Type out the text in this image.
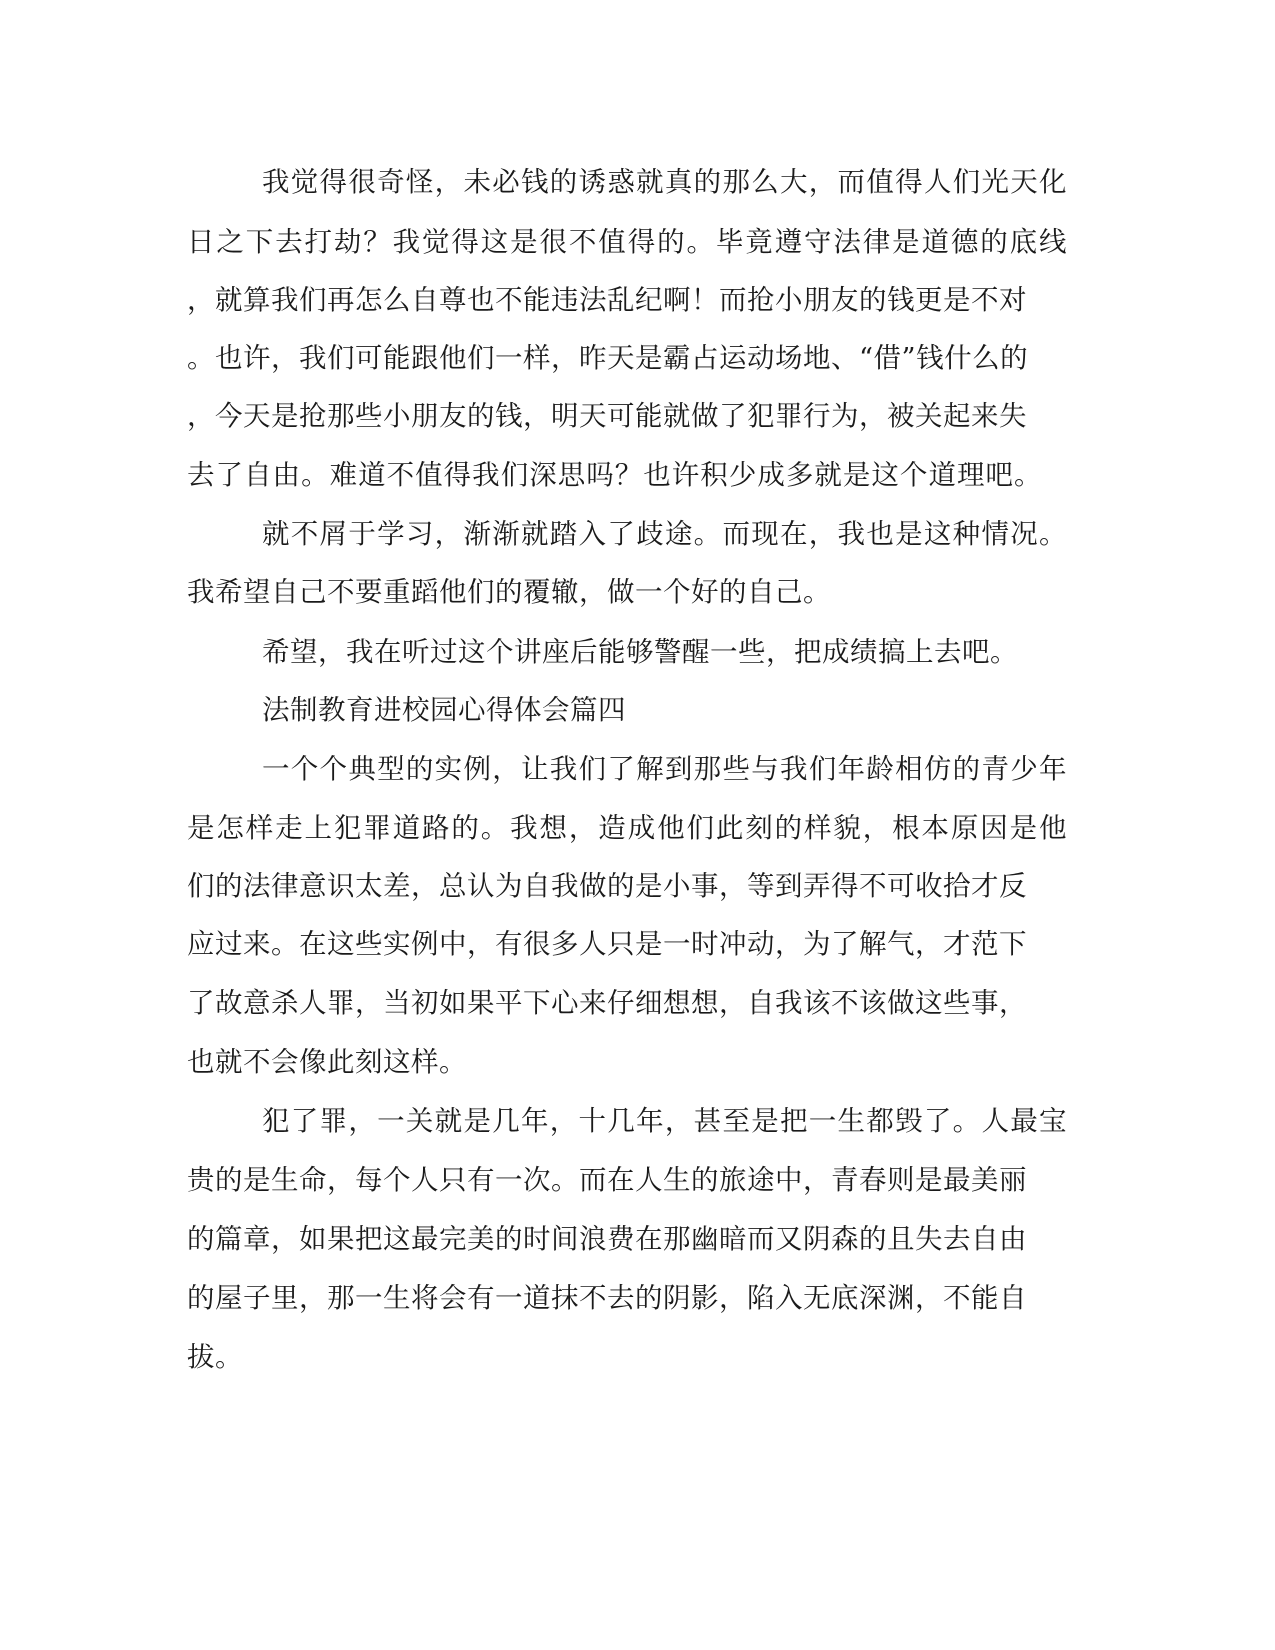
我觉得很奇怪，未必钱的诱惑就真的那么大，而值得人们光天化
日之下去打劫？我觉得这是很不值得的。毕竟遵守法律是道德的底线
，就算我们再怎么自尊也不能违法乱纪啊！而抢小朋友的钱更是不对
。也许，我们可能跟他们一样，昨天是霸占运动场地、“借”钱什么的
，今天是抢那些小朋友的钱，明天可能就做了犯罪行为，被关起来失
去了自由。难道不值得我们深思吗？也许积少成多就是这个道理吧。
就不屑于学习，渐渐就踏入了歧途。而现在，我也是这种情况。
我希望自己不要重蹈他们的覆辙，做一个好的自己。
希望，我在听过这个讲座后能够警醒一些，把成绩搞上去吧。
法制教育进校园心得体会篇四
一个个典型的实例，让我们了解到那些与我们年龄相仿的青少年
是怎样走上犯罪道路的。我想，造成他们此刻的样貌，根本原因是他
们的法律意识太差，总认为自我做的是小事，等到弄得不可收拾才反
应过来。在这些实例中，有很多人只是一时冲动，为了解气，才范下
了故意杀人罪，当初如果平下心来仔细想想，自我该不该做这些事，
也就不会像此刻这样。
犯了罪，一关就是几年，十几年，甚至是把一生都毁了。人最宝
贵的是生命，每个人只有一次。而在人生的旅途中，青春则是最美丽
的篇章，如果把这最完美的时间浪费在那幽暗而又阴森的且失去自由
的屋子里，那一生将会有一道抹不去的阴影，陷入无底深渊，不能自
拔。
